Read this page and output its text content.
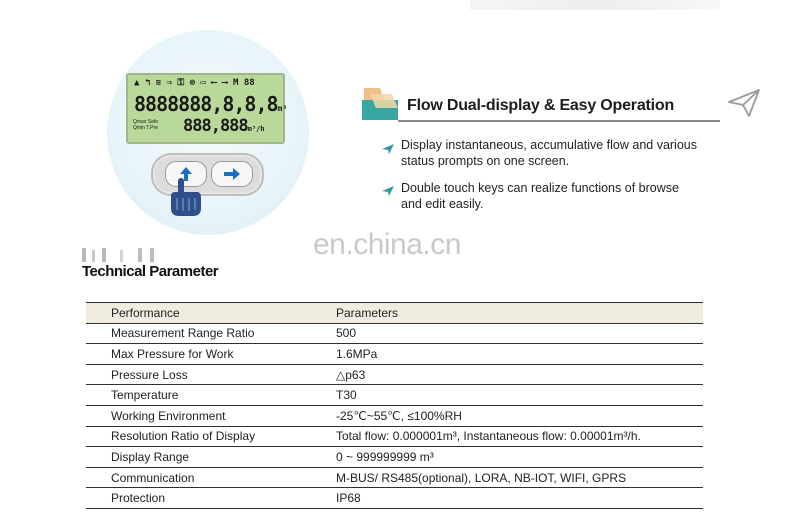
▲ ↰ ≋ ⇒ ⚿ ⊚ ▭ ⟵ ⟶ M 88
8888888,8,8,8m³
Qmax Safe
Qmin T.Pre 888,888m³/h
Flow Dual-display & Easy Operation
Display instantaneous, accumulative flow and various status prompts on one screen.
Double touch keys can realize functions of browse and edit easily.
en.china.cn
Technical Parameter
Performance	Parameters
Measurement Range Ratio	500
Max Pressure for Work	1.6MPa
Pressure Loss	△p63
Temperature	T30
Working Environment	-25℃~55℃, ≤100%RH
Resolution Ratio of Display	Total flow: 0.000001m³, Instantaneous flow: 0.00001m³/h.
Display Range	0 ~ 999999999 m³
Communication	M-BUS/ RS485(optional), LORA, NB-IOT, WIFI, GPRS
Protection	IP68
